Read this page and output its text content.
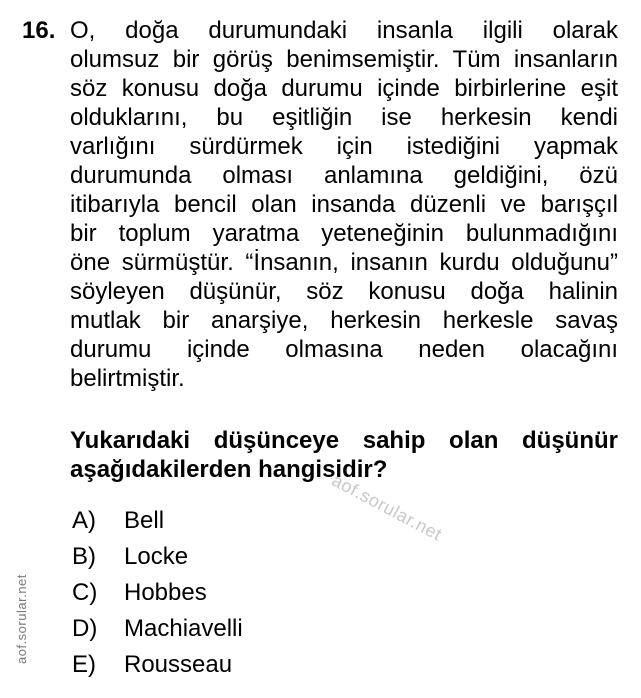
16. O, doğa durumundaki insanla ilgili olarak
olumsuz bir görüş benimsemiştir. Tüm insanların
söz konusu doğa durumu içinde birbirlerine eşit
olduklarını, bu eşitliğin ise herkesin kendi
varlığını sürdürmek için istediğini yapmak
durumunda olması anlamına geldiğini, özü
itibarıyla bencil olan insanda düzenli ve barışçıl
bir toplum yaratma yeteneğinin bulunmadığını
öne sürmüştür. “İnsanın, insanın kurdu olduğunu”
söyleyen düşünür, söz konusu doğa halinin
mutlak bir anarşiye, herkesin herkesle savaş
durumu içinde olmasına neden olacağını
belirtmiştir.
Yukarıdaki düşünceye sahip olan düşünür
aşağıdakilerden hangisidir?
A)	Bell
B)	Locke
C)	Hobbes
D)	Machiavelli
E)	Rousseau
aof.sorular.net
aof.sorular.net
